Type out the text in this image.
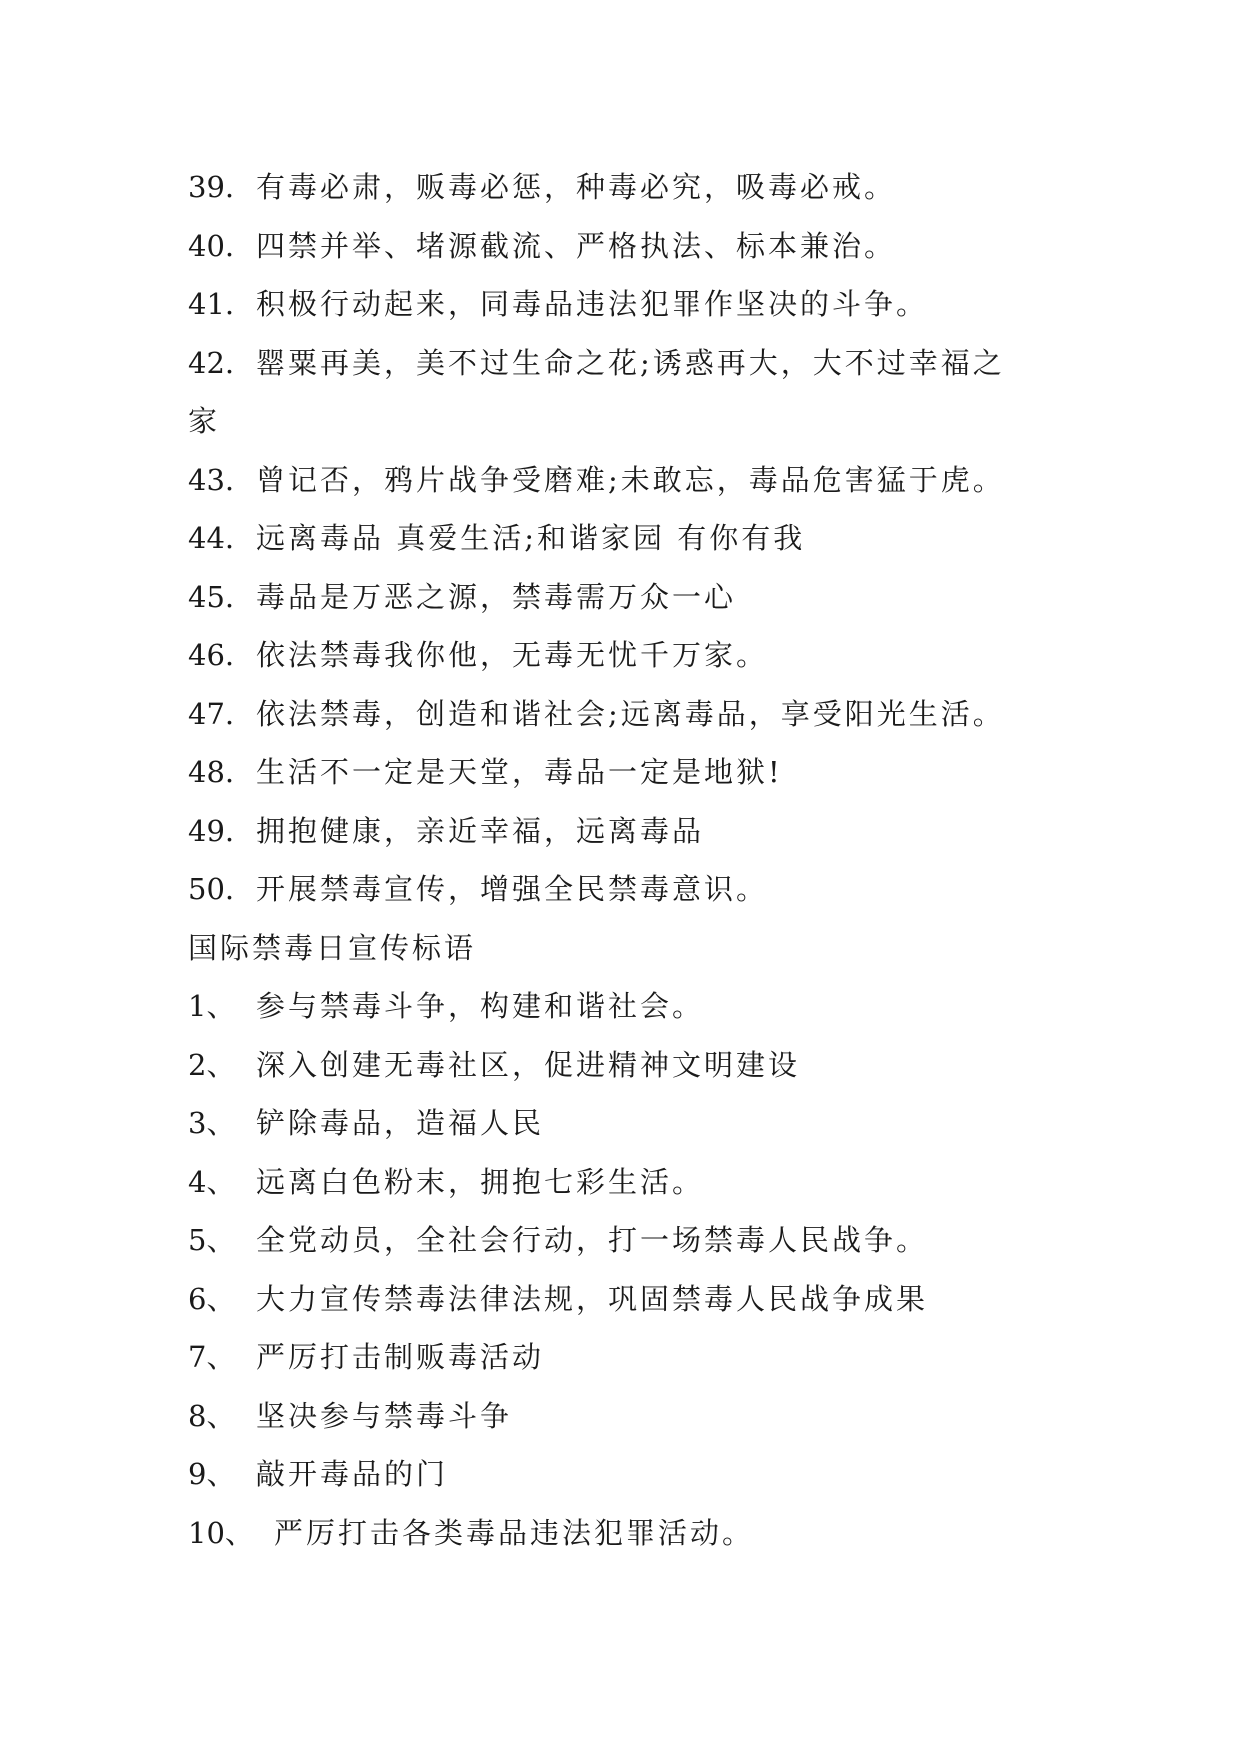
39. 有毒必肃，贩毒必惩，种毒必究，吸毒必戒。
40. 四禁并举、堵源截流、严格执法、标本兼治。
41. 积极行动起来，同毒品违法犯罪作坚决的斗争。
42. 罂粟再美，美不过生命之花;诱惑再大，大不过幸福之
家
43. 曾记否，鸦片战争受磨难;未敢忘，毒品危害猛于虎。
44. 远离毒品 真爱生活;和谐家园 有你有我
45. 毒品是万恶之源，禁毒需万众一心
46. 依法禁毒我你他，无毒无忧千万家。
47. 依法禁毒，创造和谐社会;远离毒品，享受阳光生活。
48. 生活不一定是天堂，毒品一定是地狱!
49. 拥抱健康，亲近幸福，远离毒品
50. 开展禁毒宣传，增强全民禁毒意识。
国际禁毒日宣传标语
1、 参与禁毒斗争，构建和谐社会。
2、 深入创建无毒社区，促进精神文明建设
3、 铲除毒品，造福人民
4、 远离白色粉末，拥抱七彩生活。
5、 全党动员，全社会行动，打一场禁毒人民战争。
6、 大力宣传禁毒法律法规，巩固禁毒人民战争成果
7、 严厉打击制贩毒活动
8、 坚决参与禁毒斗争
9、 敲开毒品的门
10、 严厉打击各类毒品违法犯罪活动。
